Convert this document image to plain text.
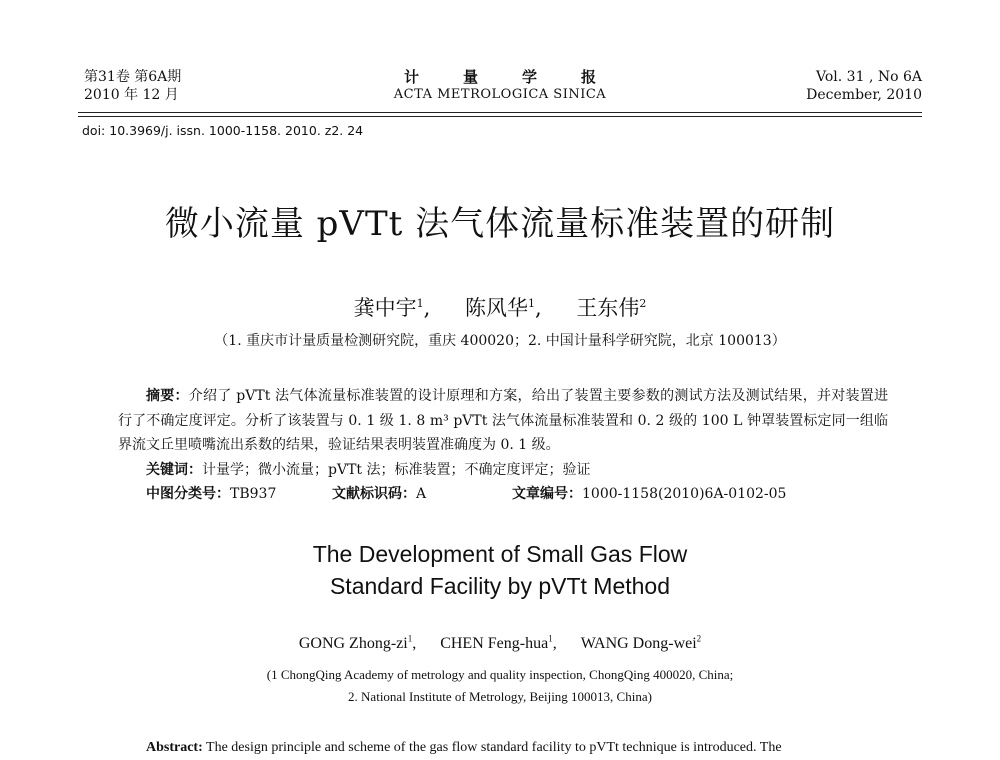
第31卷 第6A期
2010 年 12 月
计量学报
ACTA METROLOGICA SINICA
Vol. 31 , No 6A
December, 2010
doi: 10.3969/j. issn. 1000-1158. 2010. z2. 24
微小流量 pVTt 法气体流量标准装置的研制
龚中宇$^1$, 陈风华$^1$, 王东伟$^2$
（1. 重庆市计量质量检测研究院，重庆 400020；2. 中国计量科学研究院，北京 100013）
摘要：介绍了 pVTt 法气体流量标准装置的设计原理和方案，给出了装置主要参数的测试方法及测试结果，并对装置进行了不确定度评定。分析了该装置与 0. 1 级 1. 8 m³ pVTt 法气体流量标准装置和 0. 2 级的 100 L 钟罩装置标定同一组临界流文丘里喷嘴流出系数的结果，验证结果表明装置准确度为 0. 1 级。
关键词：计量学；微小流量；pVTt 法；标准装置；不确定度评定；验证
中图分类号：TB937	文献标识码：A	文章编号：1000-1158(2010)6A-0102-05
The Development of Small Gas Flow
Standard Facility by pVTt Method
GONG Zhong-$zi^1$, CHEN Feng-hua$^1$, WANG Dong-wei$^2$
(1 ChongQing Academy of metrology and quality inspection, ChongQing 400020, China;
2. National Institute of Metrology, Beijing 100013, China)
Abstract: The design principle and scheme of the gas flow standard facility to pVTt technique is introduced. The
